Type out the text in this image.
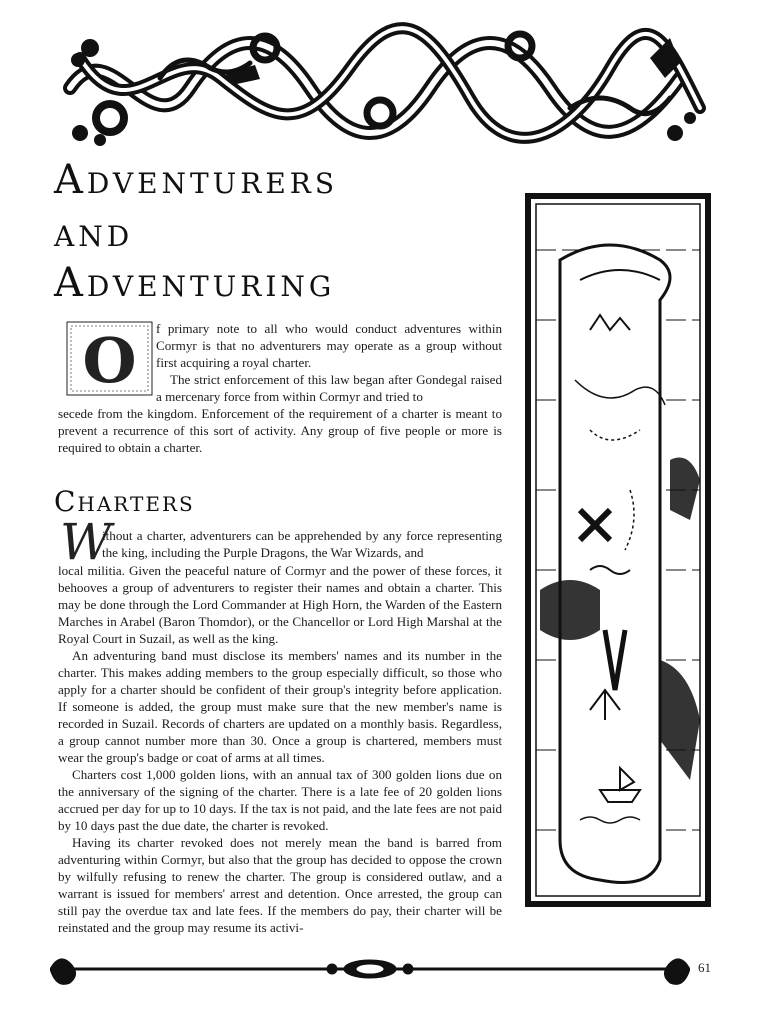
Adventurers
and
Adventuring
O f primary note to all who would conduct adventures within Cormyr is that no adventurers may operate as a group without first acquiring a royal charter.

The strict enforcement of this law began after Gondegal raised a mercenary force from within Cormyr and tried to

secede from the kingdom. Enforcement of the requirement of a charter is meant to prevent a recurrence of this sort of activity. Any group of five people or more is required to obtain a charter.

Charters
W

ithout a charter, adventurers can be apprehended by any force representing the king, including the Purple Dragons, the War Wizards, and

local militia. Given the peaceful nature of Cormyr and the power of these forces, it behooves a group of adventurers to register their names and obtain a charter. This may be done through the Lord Commander at High Horn, the Warden of the Eastern Marches in Arabel (Baron Thomdor), or the Chancellor or Lord High Marshal at the Royal Court in Suzail, as well as the king.

An adventuring band must disclose its members' names and its number in the charter. This makes adding members to the group especially difficult, so those who apply for a charter should be confident of their group's integrity before application. If someone is added, the group must make sure that the new member's name is recorded in Suzail. Records of charters are updated on a monthly basis. Regardless, a group cannot number more than 30. Once a group is chartered, members must wear the group's badge or coat of arms at all times.

Charters cost 1,000 golden lions, with an annual tax of 300 golden lions due on the anniversary of the signing of the charter. There is a late fee of 20 golden lions accrued per day for up to 10 days. If the tax is not paid, and the late fees are not paid by 10 days past the due date, the charter is revoked.

Having its charter revoked does not merely mean the band is barred from adventuring within Cormyr, but also that the group has decided to oppose the crown by wilfully refusing to renew the charter. The group is considered outlaw, and a warrant is issued for members' arrest and detention. Once arrested, the group can still pay the overdue tax and late fees. If the members do pay, their charter will be reinstated and the group may resume its activi-

61
